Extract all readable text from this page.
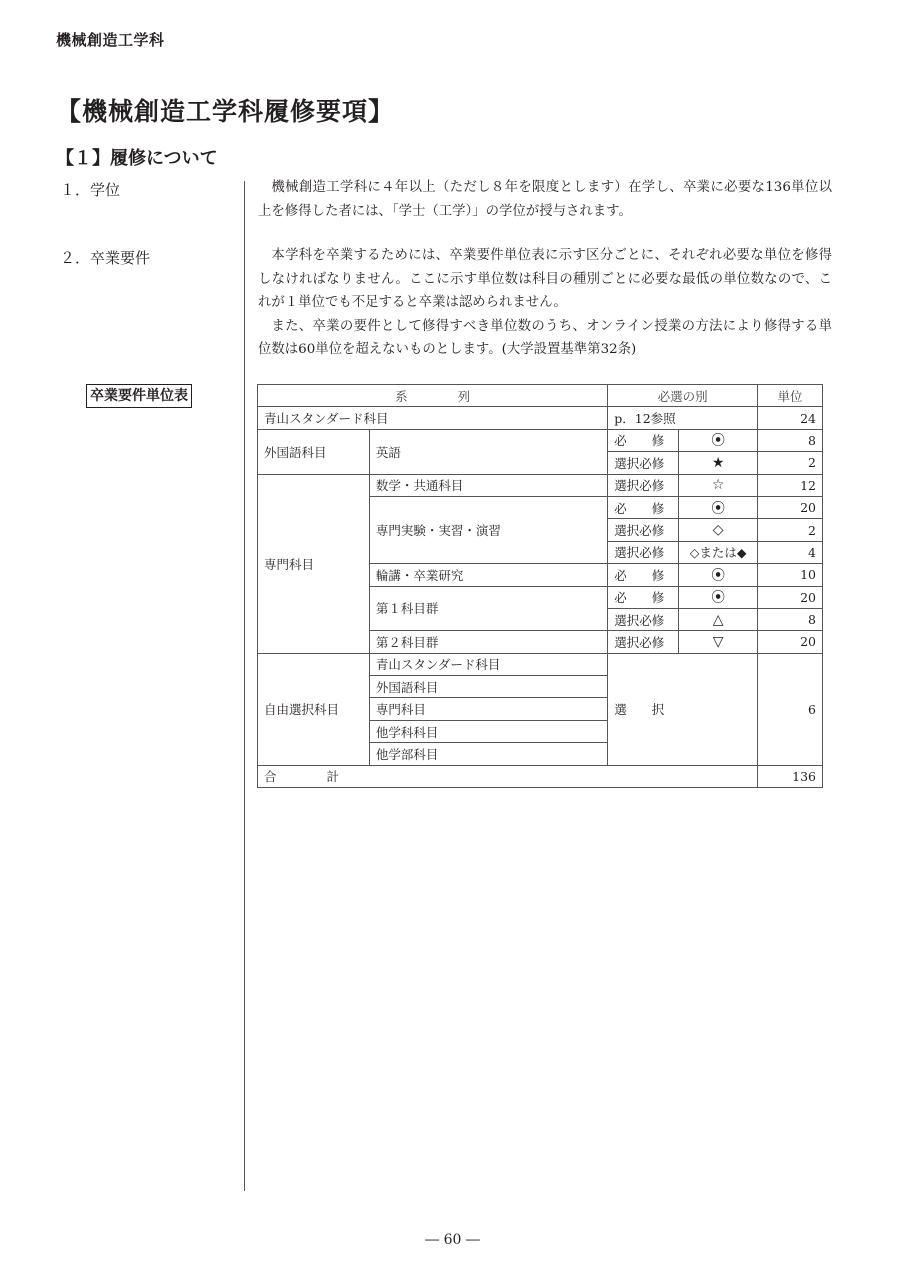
機械創造工学科
【機械創造工学科履修要項】
【１】履修について
１．学位	機械創造工学科に４年以上（ただし８年を限度とします）在学し、卒業に必要な136単位以上を修得した者には、「学士（工学）」の学位が授与されます。

２．卒業要件	本学科を卒業するためには、卒業要件単位表に示す区分ごとに、それぞれ必要な単位を修得しなければなりません。ここに示す単位数は科目の種別ごとに必要な最低の単位数なので、これが１単位でも不足すると卒業は認められません。

また、卒業の要件として修得すべき単位数のうち、オンライン授業の方法により修得する単位数は60単位を超えないものとします。(大学設置基準第32条)

卒業要件単位表	系　　　　列		必選の別		単位
青山スタンダード科目		p．12参照		24
外国語科目	英語	必　　修	⦿	8
		選択必修	★	2
専門科目	数学・共通科目	選択必修	☆	12
	専門実験・実習・演習	必　　修	⦿	20
		選択必修	◇	2
		選択必修	◇または◆	4
	輪講・卒業研究	必　　修	⦿	10
	第１科目群	必　　修	⦿	20
		選択必修	△	8
	第２科目群	選択必修	▽	20
自由選択科目	青山スタンダード科目	選　　択		6
	外国語科目			
	専門科目			
	他学科科目			
	他学部科目			
合　　　　計				136
― 60 ―
